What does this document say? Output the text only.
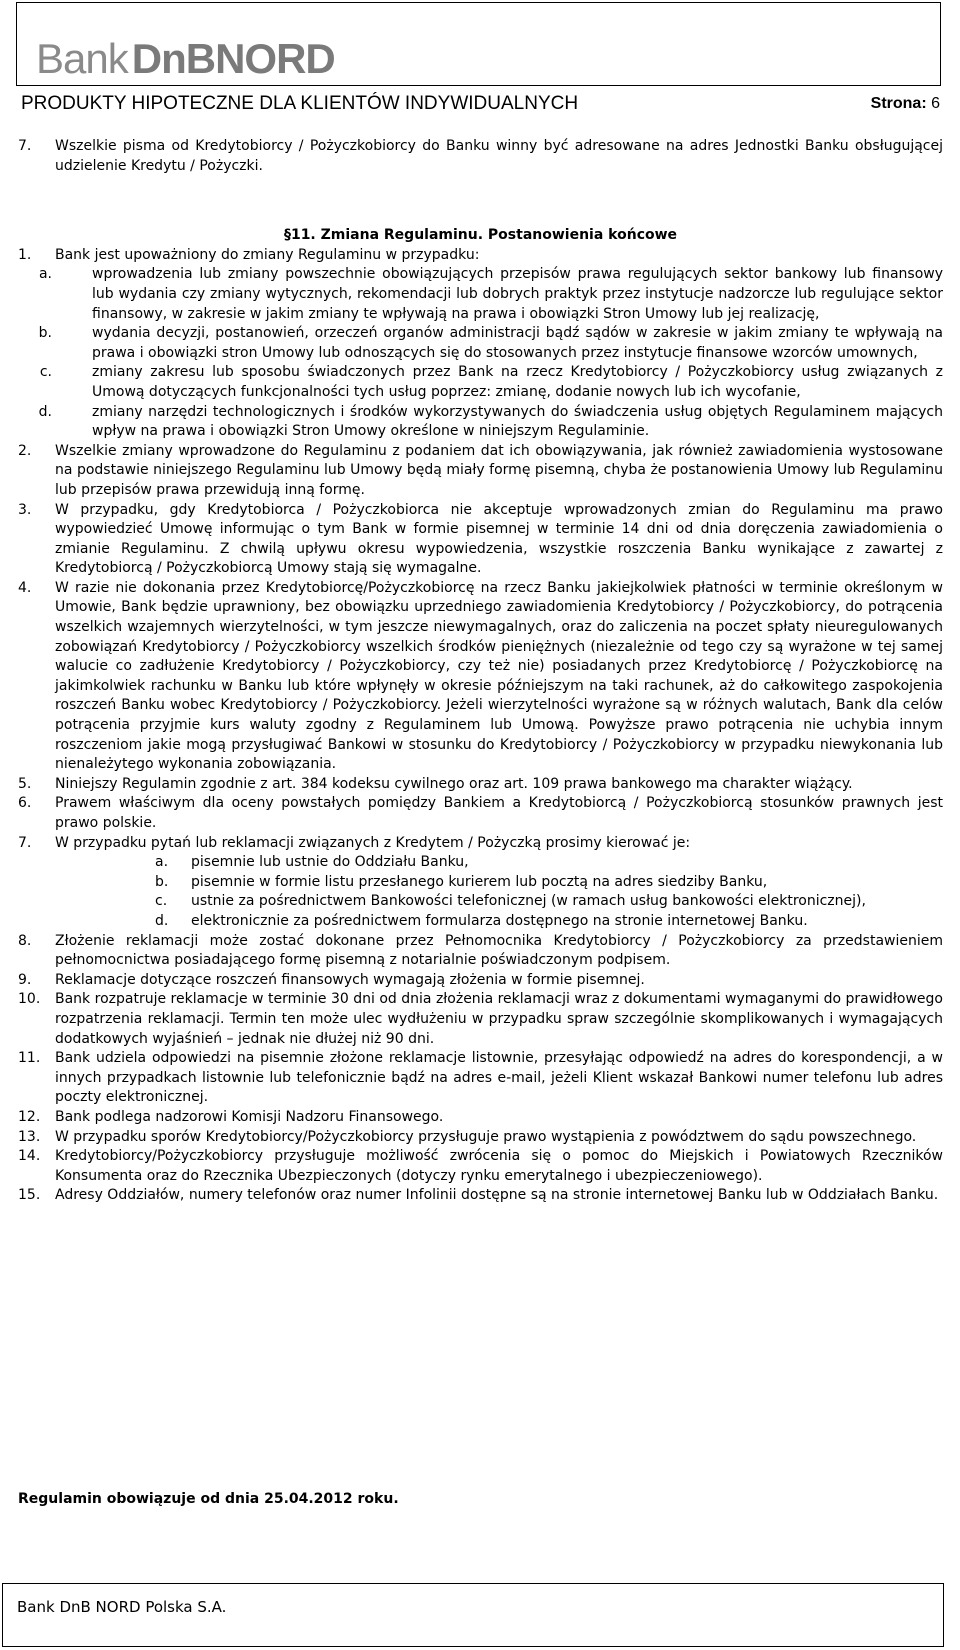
BankDnBNORD
PRODUKTY HIPOTECZNE DLA KLIENTÓW INDYWIDUALNYCH	Strona: 6
7. Wszelkie pisma od Kredytobiorcy / Pożyczkobiorcy do Banku winny być adresowane na adres Jednostki Banku obsługującej udzielenie Kredytu / Pożyczki.
§11. Zmiana Regulaminu. Postanowienia końcowe
1. Bank jest upoważniony do zmiany Regulaminu w przypadku:
a.	wprowadzenia lub zmiany powszechnie obowiązujących przepisów prawa regulujących sektor bankowy lub finansowy lub wydania czy zmiany wytycznych, rekomendacji lub dobrych praktyk przez instytucje nadzorcze lub regulujące sektor finansowy, w zakresie w jakim zmiany te wpływają na prawa i obowiązki Stron Umowy lub jej realizację,
b.	wydania decyzji, postanowień, orzeczeń organów administracji bądź sądów w zakresie w jakim zmiany te wpływają na prawa i obowiązki stron Umowy lub odnoszących się do stosowanych przez instytucje finansowe wzorców umownych,
c.	zmiany zakresu lub sposobu świadczonych przez Bank na rzecz Kredytobiorcy / Pożyczkobiorcy usług związanych z Umową dotyczących funkcjonalności tych usług poprzez: zmianę, dodanie nowych lub ich wycofanie,
d.	zmiany narzędzi technologicznych i środków wykorzystywanych do świadczenia usług objętych Regulaminem mających wpływ na prawa i obowiązki Stron Umowy określone w niniejszym Regulaminie.
2. Wszelkie zmiany wprowadzone do Regulaminu z podaniem dat ich obowiązywania, jak również zawiadomienia wystosowane na podstawie niniejszego Regulaminu lub Umowy będą miały formę pisemną, chyba że postanowienia Umowy lub Regulaminu lub przepisów prawa przewidują inną formę.
3. W przypadku, gdy Kredytobiorca / Pożyczkobiorca nie akceptuje wprowadzonych zmian do Regulaminu ma prawo wypowiedzieć Umowę informując o tym Bank w formie pisemnej w terminie 14 dni od dnia doręczenia zawiadomienia o zmianie Regulaminu. Z chwilą upływu okresu wypowiedzenia, wszystkie roszczenia Banku wynikające z zawartej z Kredytobiorcą / Pożyczkobiorcą Umowy stają się wymagalne.
4. W razie nie dokonania przez Kredytobiorcę/Pożyczkobiorcę na rzecz Banku jakiejkolwiek płatności w terminie określonym w Umowie, Bank będzie uprawniony, bez obowiązku uprzedniego zawiadomienia Kredytobiorcy / Pożyczkobiorcy, do potrącenia wszelkich wzajemnych wierzytelności, w tym jeszcze niewymagalnych, oraz do zaliczenia na poczet spłaty nieuregulowanych zobowiązań Kredytobiorcy / Pożyczkobiorcy wszelkich środków pieniężnych (niezależnie od tego czy są wyrażone w tej samej walucie co zadłużenie Kredytobiorcy / Pożyczkobiorcy, czy też nie) posiadanych przez Kredytobiorcę / Pożyczkobiorcę na jakimkolwiek rachunku w Banku lub które wpłynęły w okresie późniejszym na taki rachunek, aż do całkowitego zaspokojenia roszczeń Banku wobec Kredytobiorcy / Pożyczkobiorcy. Jeżeli wierzytelności wyrażone są w różnych walutach, Bank dla celów potrącenia przyjmie kurs waluty zgodny z Regulaminem lub Umową. Powyższe prawo potrącenia nie uchybia innym roszczeniom jakie mogą przysługiwać Bankowi w stosunku do Kredytobiorcy / Pożyczkobiorcy w przypadku niewykonania lub nienależytego wykonania zobowiązania.
5. Niniejszy Regulamin zgodnie z art. 384 kodeksu cywilnego oraz art. 109 prawa bankowego ma charakter wiążący.
6. Prawem właściwym dla oceny powstałych pomiędzy Bankiem a Kredytobiorcą / Pożyczkobiorcą stosunków prawnych jest prawo polskie.
7. W przypadku pytań lub reklamacji związanych z Kredytem / Pożyczką prosimy kierować je:
a. pisemnie lub ustnie do Oddziału Banku,
b. pisemnie w formie listu przesłanego kurierem lub pocztą na adres siedziby Banku,
c. ustnie za pośrednictwem Bankowości telefonicznej (w ramach usług bankowości elektronicznej),
d. elektronicznie za pośrednictwem formularza dostępnego na stronie internetowej Banku.
8. Złożenie reklamacji może zostać dokonane przez Pełnomocnika Kredytobiorcy / Pożyczkobiorcy za przedstawieniem pełnomocnictwa posiadającego formę pisemną z notarialnie poświadczonym podpisem.
9. Reklamacje dotyczące roszczeń finansowych wymagają złożenia w formie pisemnej.
10. Bank rozpatruje reklamacje w terminie 30 dni od dnia złożenia reklamacji wraz z dokumentami wymaganymi do prawidłowego rozpatrzenia reklamacji. Termin ten może ulec wydłużeniu w przypadku spraw szczególnie skomplikowanych i wymagających dodatkowych wyjaśnień – jednak nie dłużej niż 90 dni.
11. Bank udziela odpowiedzi na pisemnie złożone reklamacje listownie, przesyłając odpowiedź na adres do korespondencji, a w innych przypadkach listownie lub telefonicznie bądź na adres e-mail, jeżeli Klient wskazał Bankowi numer telefonu lub adres poczty elektronicznej.
12. Bank podlega nadzorowi Komisji Nadzoru Finansowego.
13. W przypadku sporów Kredytobiorcy/Pożyczkobiorcy przysługuje prawo wystąpienia z powództwem do sądu powszechnego.
14. Kredytobiorcy/Pożyczkobiorcy przysługuje możliwość zwrócenia się o pomoc do Miejskich i Powiatowych Rzeczników Konsumenta oraz do Rzecznika Ubezpieczonych (dotyczy rynku emerytalnego i ubezpieczeniowego).
15. Adresy Oddziałów, numery telefonów oraz numer Infolinii dostępne są na stronie internetowej Banku lub w Oddziałach Banku.
Regulamin obowiązuje od dnia 25.04.2012 roku.
Bank DnB NORD Polska S.A.
